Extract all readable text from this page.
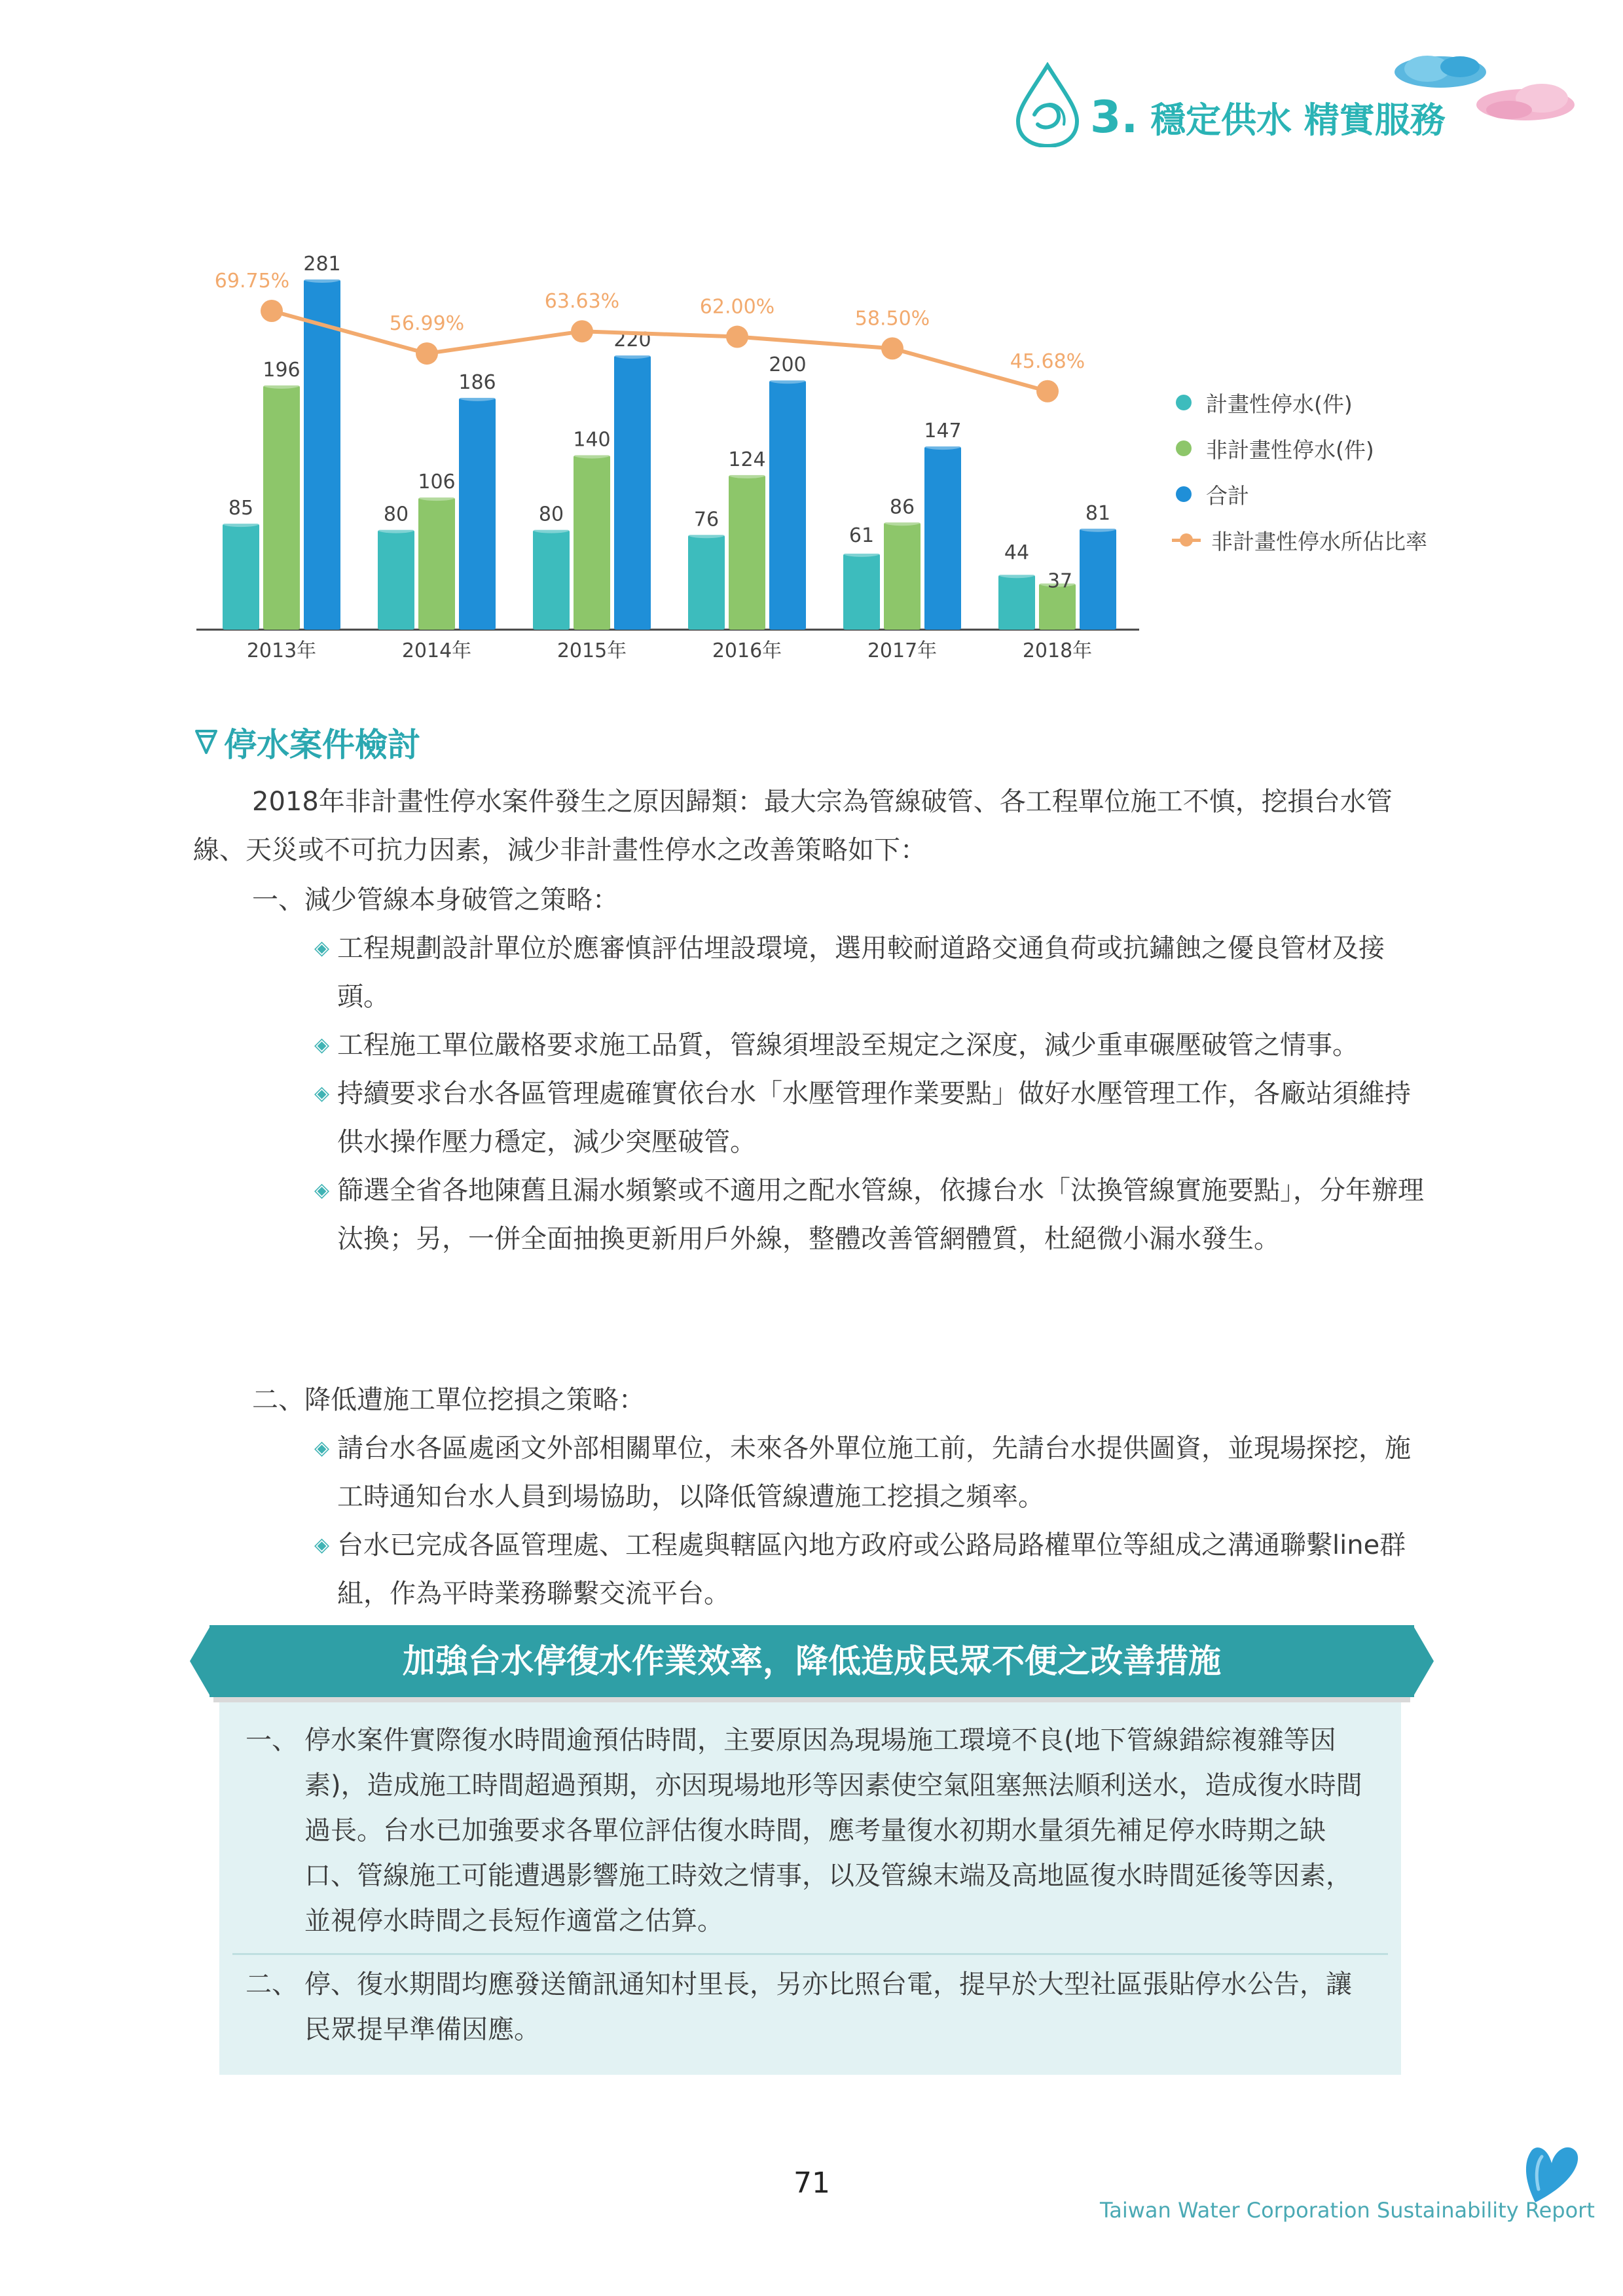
3. 穩定供水 精實服務
85
196
281
2013年
80
106
186
2014年
80
140
220
2015年
76
124
200
2016年
61
86
147
2017年
44
37
81
2018年
69.75%
56.99%
63.63%	62.00%
58.50%
45.68%
計畫性停水(件)
非計畫性停水(件)
合計
非計畫性停水所佔比率
停水案件檢討
2018年非計畫性停水案件發生之原因歸類：最大宗為管線破管、各工程單位施工不慎，挖損台水管線、天災或不可抗力因素，減少非計畫性停水之改善策略如下：
一、減少管線本身破管之策略：
◈ 工程規劃設計單位於應審慎評估埋設環境，選用較耐道路交通負荷或抗鏽蝕之優良管材及接頭。
◈ 工程施工單位嚴格要求施工品質，管線須埋設至規定之深度，減少重車碾壓破管之情事。
◈ 持續要求台水各區管理處確實依台水「水壓管理作業要點」做好水壓管理工作，各廠站須維持供水操作壓力穩定，減少突壓破管。
◈ 篩選全省各地陳舊且漏水頻繁或不適用之配水管線，依據台水「汰換管線實施要點」，分年辦理汰換；另，一併全面抽換更新用戶外線，整體改善管網體質，杜絕微小漏水發生。
二、降低遭施工單位挖損之策略：
◈ 請台水各區處函文外部相關單位，未來各外單位施工前，先請台水提供圖資，並現場探挖，施工時通知台水人員到場協助，以降低管線遭施工挖損之頻率。
◈ 台水已完成各區管理處、工程處與轄區內地方政府或公路局路權單位等組成之溝通聯繫line群組，作為平時業務聯繫交流平台。
加強台水停復水作業效率，降低造成民眾不便之改善措施
一、 停水案件實際復水時間逾預估時間，主要原因為現場施工環境不良(地下管線錯綜複雜等因素)，造成施工時間超過預期，亦因現場地形等因素使空氣阻塞無法順利送水，造成復水時間過長。台水已加強要求各單位評估復水時間，應考量復水初期水量須先補足停水時期之缺口、管線施工可能遭遇影響施工時效之情事，以及管線末端及高地區復水時間延後等因素，並視停水時間之長短作適當之估算。
二、 停、復水期間均應發送簡訊通知村里長，另亦比照台電，提早於大型社區張貼停水公告，讓民眾提早準備因應。
71
Taiwan Water Corporation Sustainability Report
